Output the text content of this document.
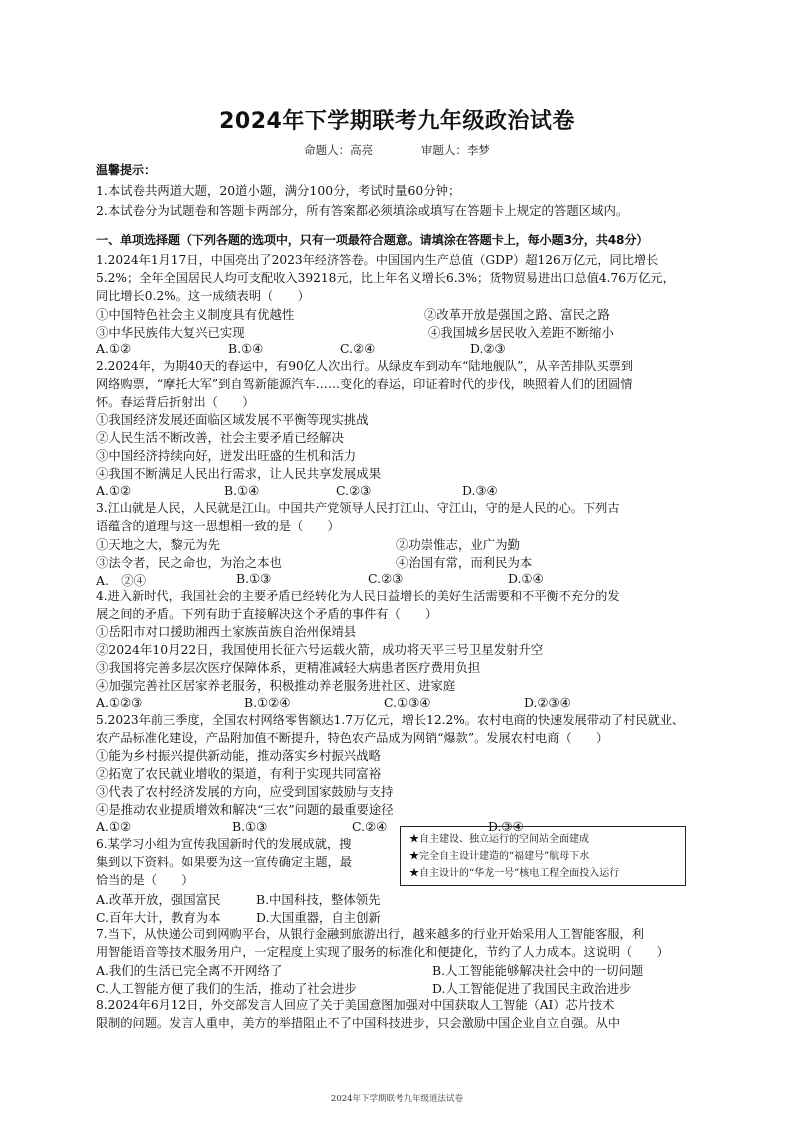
2024年下学期联考九年级政治试卷
命题人：高亮	审题人：李梦
温馨提示：
1.本试卷共两道大题，20道小题，满分100分，考试时量60分钟；
2.本试卷分为试题卷和答题卡两部分，所有答案都必须填涂或填写在答题卡上规定的答题区域内。
一、单项选择题（下列各题的选项中，只有一项最符合题意。请填涂在答题卡上，每小题3分，共48分）
1.2024年1月17日，中国亮出了2023年经济答卷。中国国内生产总值（GDP）超126万亿元，同比增长
5.2%；全年全国居民人均可支配收入39218元，比上年名义增长6.3%；货物贸易进出口总值4.76万亿元，
同比增长0.2%。这一成绩表明（　　）
①中国特色社会主义制度具有优越性	②改革开放是强国之路、富民之路
③中华民族伟大复兴已实现	④我国城乡居民收入差距不断缩小
A.①②	B.①④	C.②④	D.②③
2.2024年，为期40天的春运中，有90亿人次出行。从绿皮车到动车“陆地舰队”，从辛苦排队买票到
网络购票，“摩托大军”到自驾新能源汽车……变化的春运，印证着时代的步伐，映照着人们的团圆情
怀。春运背后折射出（　　）
①我国经济发展还面临区域发展不平衡等现实挑战
②人民生活不断改善，社会主要矛盾已经解决
③中国经济持续向好，迸发出旺盛的生机和活力
④我国不断满足人民出行需求，让人民共享发展成果
A.①②	B.①④	C.②③	D.③④
3.江山就是人民，人民就是江山。中国共产党领导人民打江山、守江山，守的是人民的心。下列古
语蕴含的道理与这一思想相一致的是（　　）
①天地之大，黎元为先	②功崇惟志，业广为勤
③法令者，民之命也，为治之本也	④治国有常，而利民为本
A.　②④	B.①③	C.②③	D.①④
4.进入新时代，我国社会的主要矛盾已经转化为人民日益增长的美好生活需要和不平衡不充分的发
展之间的矛盾。下列有助于直接解决这个矛盾的事件有（　　）
①岳阳市对口援助湘西土家族苗族自治州保靖县
②2024年10月22日，我国使用长征六号运载火箭，成功将天平三号卫星发射升空
③我国将完善多层次医疗保障体系，更精准减轻大病患者医疗费用负担
④加强完善社区居家养老服务，积极推动养老服务进社区、进家庭
A.①②③	B.①②④	C.①③④	D.②③④
5.2023年前三季度，全国农村网络零售额达1.7万亿元，增长12.2%。农村电商的快速发展带动了村民就业、
农产品标准化建设，产品附加值不断提升，特色农产品成为网销“爆款”。发展农村电商（　　）
①能为乡村振兴提供新动能，推动落实乡村振兴战略
②拓宽了农民就业增收的渠道，有利于实现共同富裕
③代表了农村经济发展的方向，应受到国家鼓励与支持
④是推动农业提质增效和解决“三农”问题的最重要途径
A.①②	B.①③	C.②④	D.③④
6.某学习小组为宣传我国新时代的发展成就，搜
集到以下资料。如果要为这一宣传确定主题，最
恰当的是（　　）
★自主建设、独立运行的空间站全面建成
★完全自主设计建造的“福建号”航母下水
★自主设计的“华龙一号”核电工程全面投入运行
A.改革开放，强国富民	B.中国科技，整体领先
C.百年大计，教育为本	D.大国重器，自主创新
7.当下，从快递公司到网购平台，从银行金融到旅游出行，越来越多的行业开始采用人工智能客服，利
用智能语音等技术服务用户，一定程度上实现了服务的标准化和便捷化，节约了人力成本。这说明（　　）
A.我们的生活已完全离不开网络了	B.人工智能能够解决社会中的一切问题
C.人工智能方便了我们的生活，推动了社会进步	D.人工智能促进了我国民主政治进步
8.2024年6月12日，外交部发言人回应了关于美国意图加强对中国获取人工智能（AI）芯片技术
限制的问题。发言人重申，美方的举措阻止不了中国科技进步，只会激励中国企业自立自强。从中
2024年下学期联考九年级道法试卷
